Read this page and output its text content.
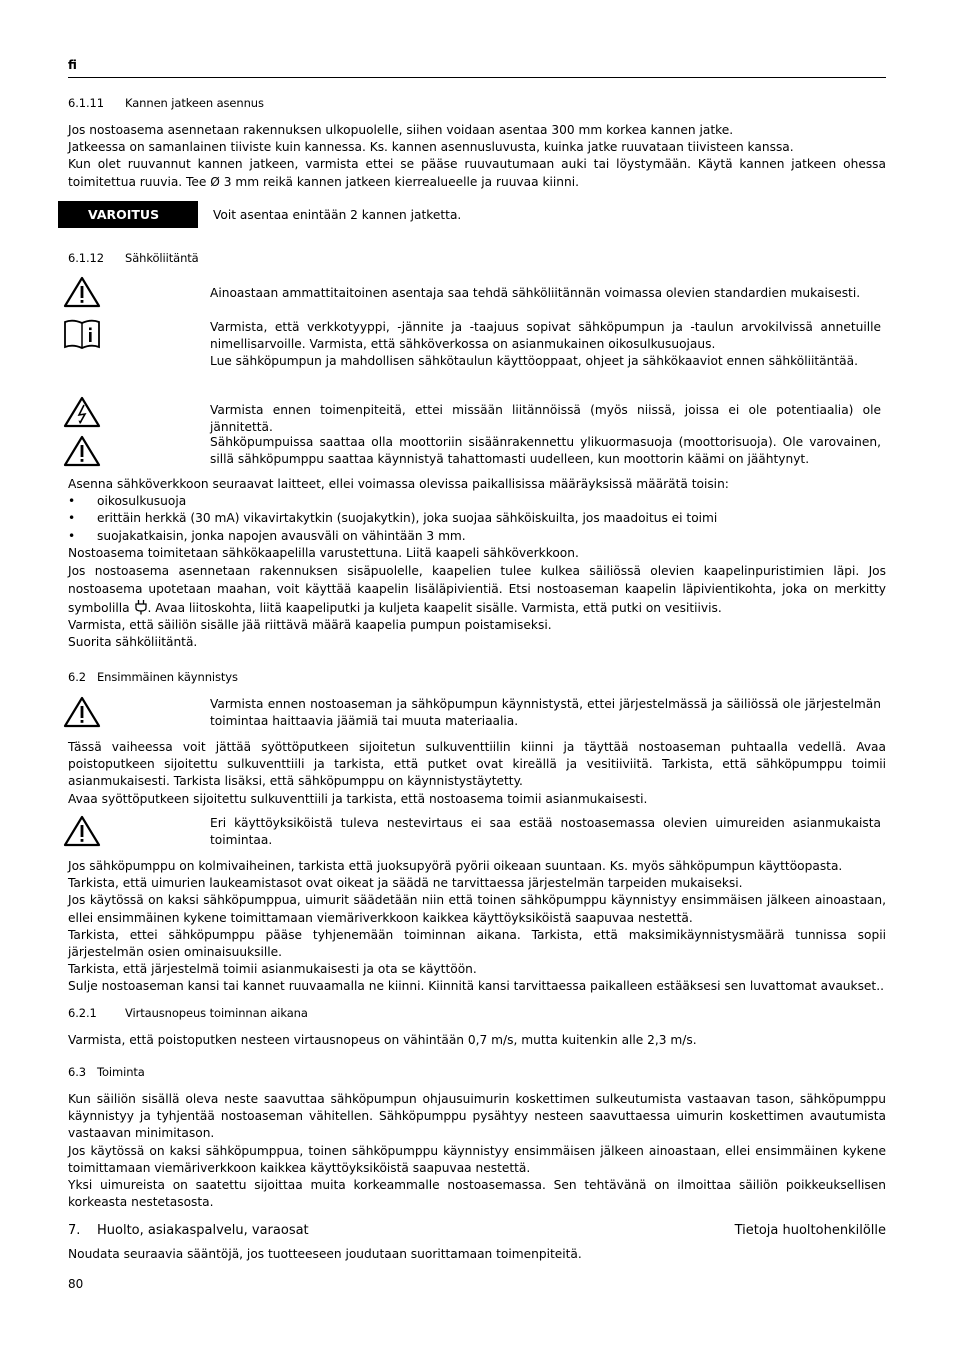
fi
6.1.11 Kannen jatkeen asennus

Jos nostoasema asennetaan rakennuksen ulkopuolelle, siihen voidaan asentaa 300 mm korkea kannen jatke.

Jatkeessa on samanlainen tiiviste kuin kannessa. Ks. kannen asennusluvusta, kuinka jatke ruuvataan tiivisteen kanssa.

Kun olet ruuvannut kannen jatkeen, varmista ettei se pääse ruuvautumaan auki tai löystymään. Käytä kannen jatkeen ohessa toimitettua ruuvia. Tee Ø 3 mm reikä kannen jatkeen kierrealueelle ja ruuvaa kiinni.

VAROITUS	Voit asentaa enintään 2 kannen jatketta.
6.1.12 Sähköliitäntä
Ainoastaan ammattitaitoinen asentaja saa tehdä sähköliitännän voimassa olevien standardien mukaisesti.

Varmista, että verkkotyyppi, -jännite ja -taajuus sopivat sähköpumpun ja -taulun arvokilvissä annetuille nimellisarvoille. Varmista, että sähköverkossa on asianmukainen oikosulkusuojaus.

Lue sähköpumpun ja mahdollisen sähkötaulun käyttöoppaat, ohjeet ja sähkökaaviot ennen sähköliitäntää.

Varmista ennen toimenpiteitä, ettei missään liitännöissä (myös niissä, joissa ei ole potentiaalia) ole jännitettä.
Sähköpumpuissa saattaa olla moottoriin sisäänrakennettu ylikuormasuoja (moottorisuoja). Ole varovainen, sillä sähköpumppu saattaa käynnistyä tahattomasti uudelleen, kun moottorin käämi on jäähtynyt.

Asenna sähköverkkoon seuraavat laitteet, ellei voimassa olevissa paikallisissa määräyksissä määrätä toisin:

• oikosulkusuoja
• erittäin herkkä (30 mA) vikavirtakytkin (suojakytkin), joka suojaa sähköiskuilta, jos maadoitus ei toimi
• suojakatkaisin, jonka napojen avausväli on vähintään 3 mm.

Nostoasema toimitetaan sähkökaapelilla varustettuna. Liitä kaapeli sähköverkkoon.

Jos nostoasema asennetaan rakennuksen sisäpuolelle, kaapelien tulee kulkea säiliössä olevien kaapelinpuristimien läpi. Jos nostoasema upotetaan maahan, voit käyttää kaapelin lisäläpivientiä. Etsi nostoaseman kaapelin läpivientikohta, joka on merkitty symbolilla . Avaa liitoskohta, liitä kaapeliputki ja kuljeta kaapelit sisälle. Varmista, että putki on vesitiivis.

Varmista, että säiliön sisälle jää riittävä määrä kaapelia pumpun poistamiseksi.

Suorita sähköliitäntä.

6.2 Ensimmäinen käynnistys
Varmista ennen nostoaseman ja sähköpumpun käynnistystä, ettei järjestelmässä ja säiliössä ole järjestelmän toimintaa haittaavia jäämiä tai muuta materiaalia.

Tässä vaiheessa voit jättää syöttöputkeen sijoitetun sulkuventtiilin kiinni ja täyttää nostoaseman puhtaalla vedellä. Avaa poistoputkeen sijoitettu sulkuventtiili ja tarkista, että putket ovat kireällä ja vesitiiviitä. Tarkista, että sähköpumppu toimii asianmukaisesti. Tarkista lisäksi, että sähköpumppu on käynnistystäytetty.

Avaa syöttöputkeen sijoitettu sulkuventtiili ja tarkista, että nostoasema toimii asianmukaisesti.

Eri käyttöyksiköistä tuleva nestevirtaus ei saa estää nostoasemassa olevien uimureiden asianmukaista toimintaa.

Jos sähköpumppu on kolmivaiheinen, tarkista että juoksupyörä pyörii oikeaan suuntaan. Ks. myös sähköpumpun käyttöopasta.

Tarkista, että uimurien laukeamistasot ovat oikeat ja säädä ne tarvittaessa järjestelmän tarpeiden mukaiseksi.

Jos käytössä on kaksi sähköpumppua, uimurit säädetään niin että toinen sähköpumppu käynnistyy ensimmäisen jälkeen ainoastaan, ellei ensimmäinen kykene toimittamaan viemäriverkkoon kaikkea käyttöyksiköistä saapuvaa nestettä.

Tarkista, ettei sähköpumppu pääse tyhjenemään toiminnan aikana. Tarkista, että maksimikäynnistysmäärä tunnissa sopii järjestelmän osien ominaisuuksille.

Tarkista, että järjestelmä toimii asianmukaisesti ja ota se käyttöön.

Sulje nostoaseman kansi tai kannet ruuvaamalla ne kiinni. Kiinnitä kansi tarvittaessa paikalleen estääksesi sen luvattomat avaukset..

6.2.1 Virtausnopeus toiminnan aikana
Varmista, että poistoputken nesteen virtausnopeus on vähintään 0,7 m/s, mutta kuitenkin alle 2,3 m/s.
6.3 Toiminta

Kun säiliön sisällä oleva neste saavuttaa sähköpumpun ohjausuimurin koskettimen sulkeutumista vastaavan tason, sähköpumppu käynnistyy ja tyhjentää nostoaseman vähitellen. Sähköpumppu pysähtyy nesteen saavuttaessa uimurin koskettimen avautumista vastaavan minimitason.

Jos käytössä on kaksi sähköpumppua, toinen sähköpumppu käynnistyy ensimmäisen jälkeen ainoastaan, ellei ensimmäinen kykene toimittamaan viemäriverkkoon kaikkea käyttöyksiköistä saapuvaa nestettä.

Yksi uimureista on saatettu sijoittaa muita korkeammalle nostoasemassa. Sen tehtävänä on ilmoittaa säiliön poikkeuksellisen korkeasta nestetasosta.

7. Huolto, asiakaspalvelu, varaosat	Tietoja huoltohenkilölle
Noudata seuraavia sääntöjä, jos tuotteeseen joudutaan suorittamaan toimenpiteitä.
80
